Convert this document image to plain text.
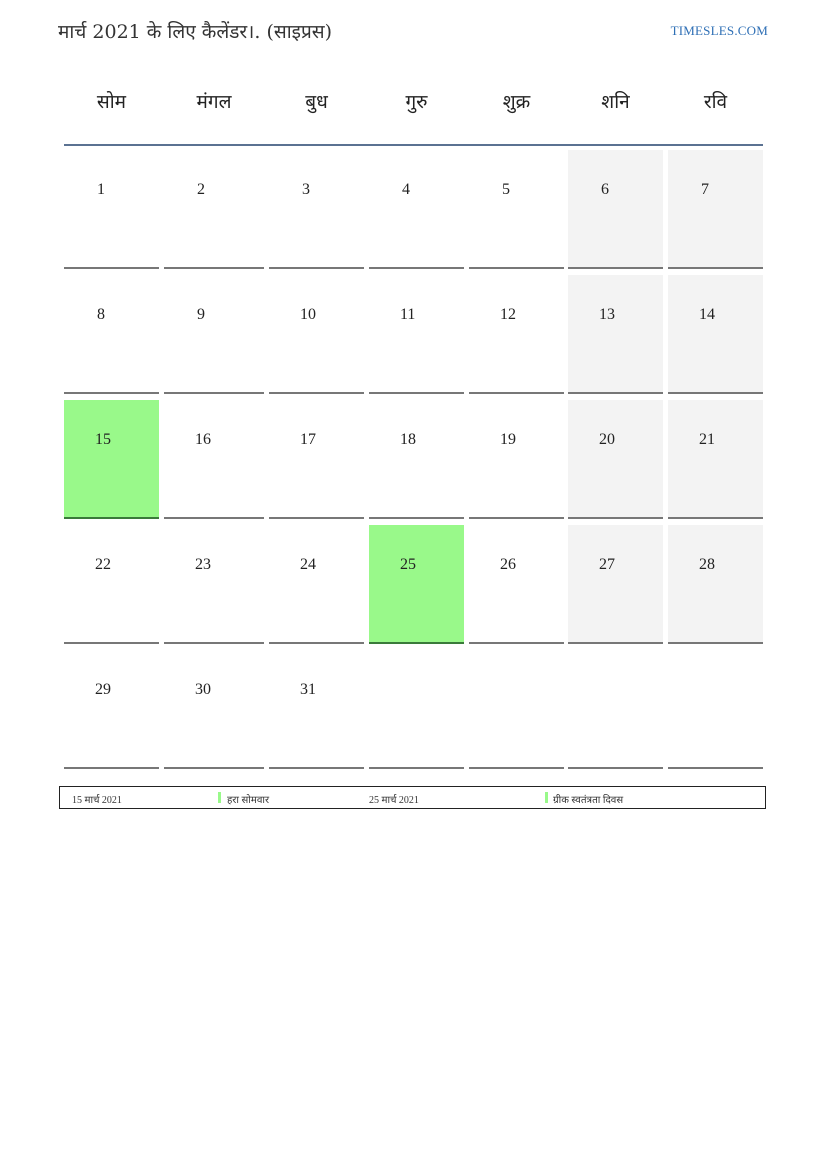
मार्च 2021 के लिए कैलेंडर।. (साइप्रस)	TIMESLES.COM
सोम	मंगल	बुध	गुरु	शुक्र	शनि	रवि
1	2	3	4	5	6	7
8	9	10	11	12	13	14
15	16	17	18	19	20	21
22	23	24	25	26	27	28
29	30	31
15 मार्च 2021	हरा सोमवार	25 मार्च 2021	ग्रीक स्वतंत्रता दिवस
